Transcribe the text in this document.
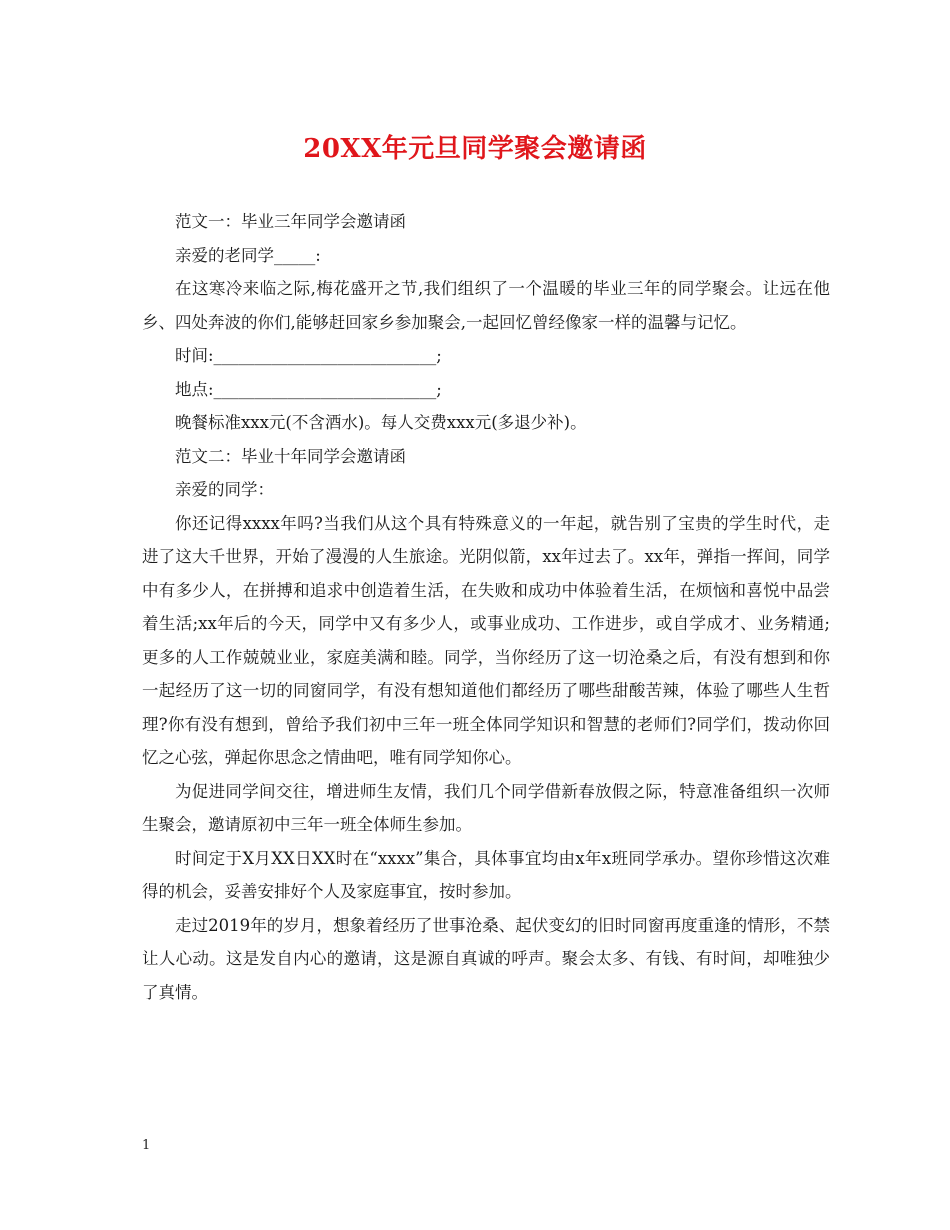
20XX年元旦同学聚会邀请函

范文一：毕业三年同学会邀请函

亲爱的老同学_____:

在这寒冷来临之际,梅花盛开之节,我们组织了一个温暖的毕业三年的同学聚会。让远在他乡、四处奔波的你们,能够赶回家乡参加聚会,一起回忆曾经像家一样的温馨与记忆。

时间:___________________________;

地点:___________________________;

晚餐标准xxx元(不含酒水)。每人交费xxx元(多退少补)。

范文二：毕业十年同学会邀请函

亲爱的同学：

你还记得xxxx年吗?当我们从这个具有特殊意义的一年起，就告别了宝贵的学生时代，走进了这大千世界，开始了漫漫的人生旅途。光阴似箭，xx年过去了。xx年，弹指一挥间，同学中有多少人，在拼搏和追求中创造着生活，在失败和成功中体验着生活，在烦恼和喜悦中品尝着生活;xx年后的今天，同学中又有多少人，或事业成功、工作进步，或自学成才、业务精通;更多的人工作兢兢业业，家庭美满和睦。同学，当你经历了这一切沧桑之后，有没有想到和你一起经历了这一切的同窗同学，有没有想知道他们都经历了哪些甜酸苦辣，体验了哪些人生哲理?你有没有想到，曾给予我们初中三年一班全体同学知识和智慧的老师们?同学们，拨动你回忆之心弦，弹起你思念之情曲吧，唯有同学知你心。

为促进同学间交往，增进师生友情，我们几个同学借新春放假之际，特意准备组织一次师生聚会，邀请原初中三年一班全体师生参加。

时间定于X月XX日XX时在“xxxx”集合，具体事宜均由x年x班同学承办。望你珍惜这次难得的机会，妥善安排好个人及家庭事宜，按时参加。

走过2019年的岁月，想象着经历了世事沧桑、起伏变幻的旧时同窗再度重逢的情形，不禁让人心动。这是发自内心的邀请，这是源自真诚的呼声。聚会太多、有钱、有时间，却唯独少了真情。

1
